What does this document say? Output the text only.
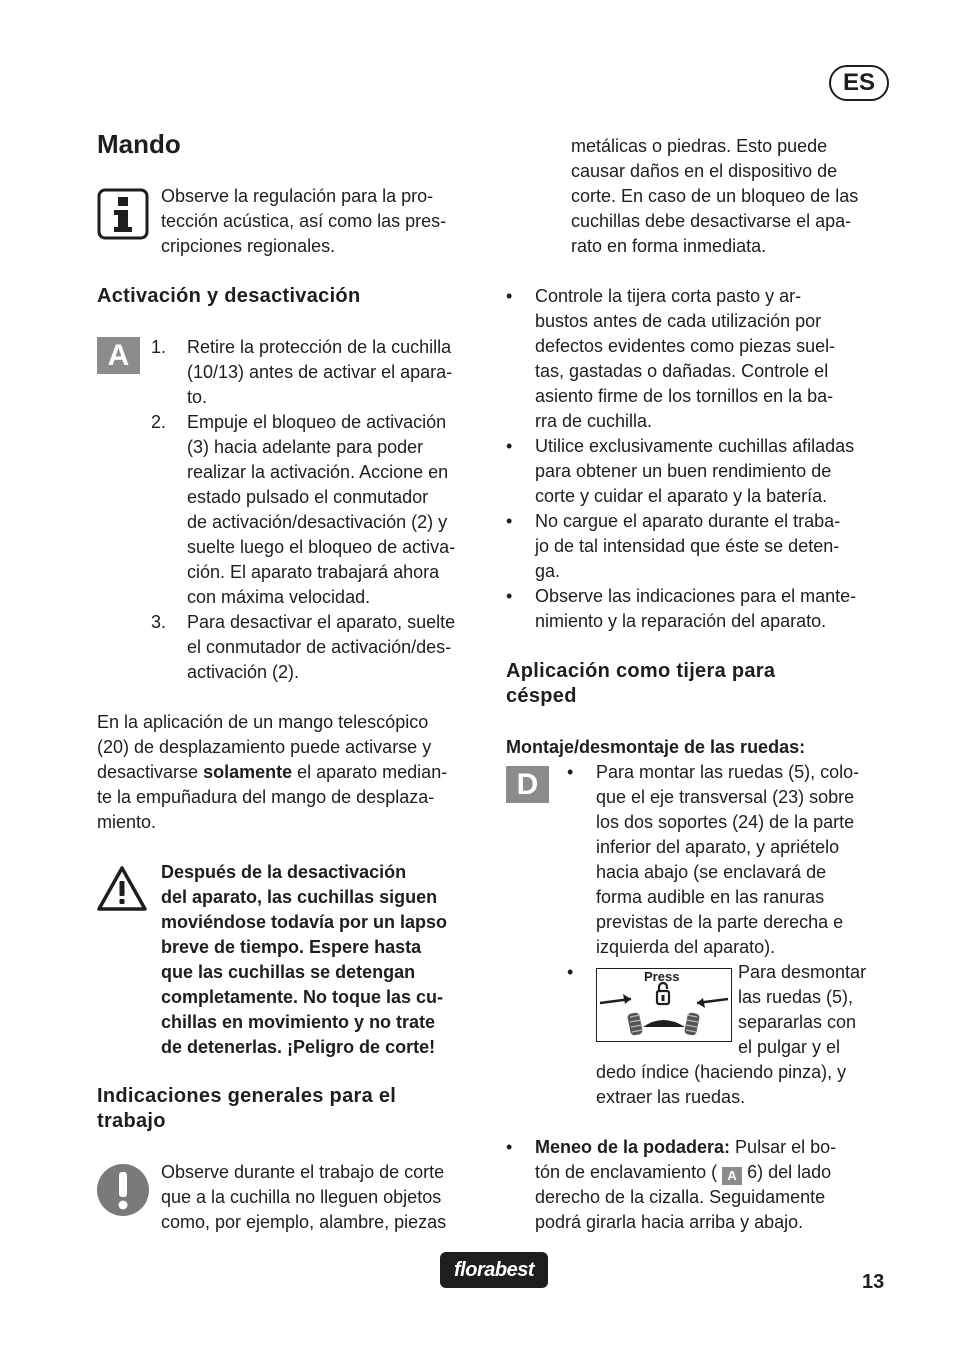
ES
Mando

Observe la regulación para la pro-
tección acústica, así como las pres-
cripciones regionales.

Activación y desactivación
A	1. Retire la protección de la cuchilla
(10/13) antes de activar el apara-
to.
2. Empuje el bloqueo de activación
(3) hacia adelante para poder
realizar la activación. Accione en
estado pulsado el conmutador
de activación/desactivación (2) y
suelte luego el bloqueo de activa-
ción. El aparato trabajará ahora
con máxima velocidad.
3. Para desactivar el aparato, suelte
el conmutador de activación/des-
activación (2).

En la aplicación de un mango telescópico
(20) de desplazamiento puede activarse y
desactivarse solamente el aparato median-
te la empuñadura del mango de desplaza-
miento.

Después de la desactivación
del aparato, las cuchillas siguen
moviéndose todavía por un lapso
breve de tiempo. Espere hasta
que las cuchillas se detengan
completamente. No toque las cu-
chillas en movimiento y no trate
de detenerlas. ¡Peligro de corte!

Indicaciones generales para el
trabajo

Observe durante el trabajo de corte
que a la cuchilla no lleguen objetos
como, por ejemplo, alambre, piezas

metálicas o piedras. Esto puede
causar daños en el dispositivo de
corte. En caso de un bloqueo de las
cuchillas debe desactivarse el apa-
rato en forma inmediata.

• Controle la tijera corta pasto y ar-
bustos antes de cada utilización por
defectos evidentes como piezas suel-
tas, gastadas o dañadas. Controle el
asiento firme de los tornillos en la ba-
rra de cuchilla.
• Utilice exclusivamente cuchillas afiladas
para obtener un buen rendimiento de
corte y cuidar el aparato y la batería.
• No cargue el aparato durante el traba-
jo de tal intensidad que éste se deten-
ga.
• Observe las indicaciones para el mante-
nimiento y la reparación del aparato.
Aplicación como tijera para
césped
Montaje/desmontaje de las ruedas:
D	• Para montar las ruedas (5), colo-
que el eje transversal (23) sobre
los dos soportes (24) de la parte
inferior del aparato, y apriételo
hacia abajo (se enclavará de
forma audible en las ranuras
previstas de la parte derecha e
izquierda del aparato).

•	Press	Para desmontar
las ruedas (5),
separarlas con
el pulgar y el

dedo índice (haciendo pinza), y
extraer las ruedas.

• Meneo de la podadera: Pulsar el bo-
tón de enclavamiento ( A 6) del lado
derecho de la cizalla. Seguidamente
podrá girarla hacia arriba y abajo.

florabest
13
